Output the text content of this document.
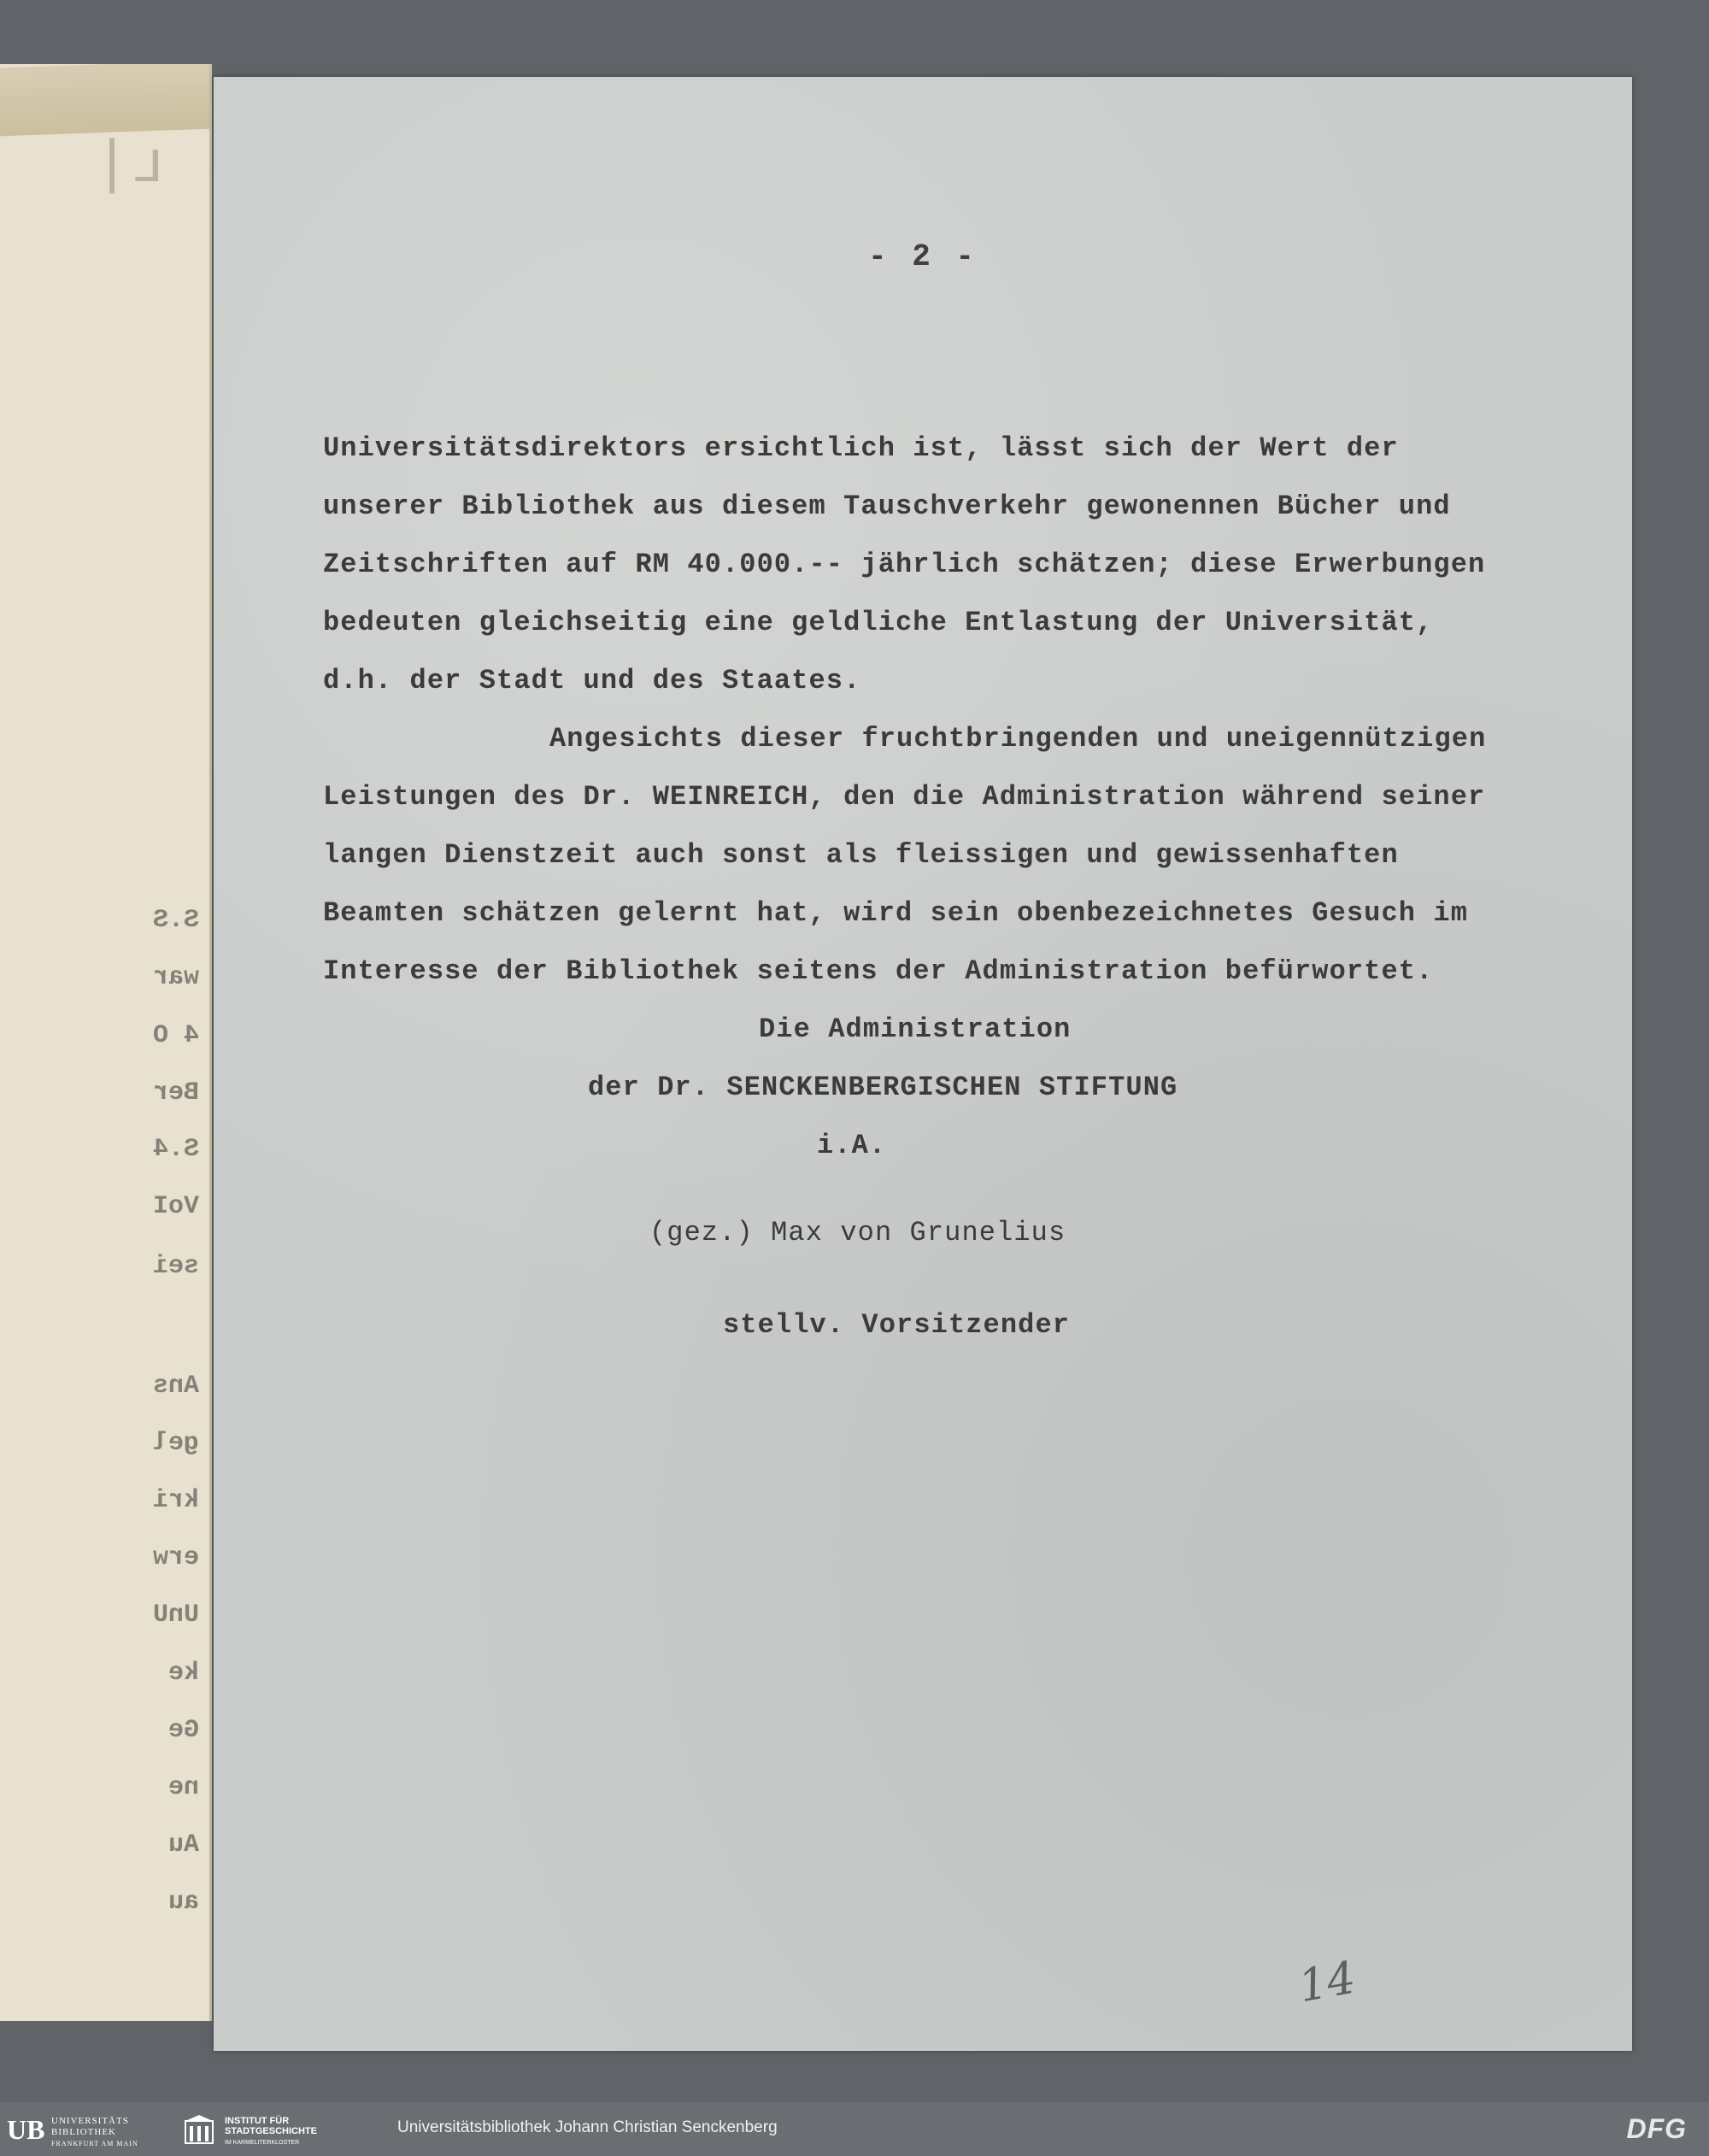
ʟ|
S.S
war
4 O
Ber
S.4
VoI
sei
Ans
gel
kri
erw
UnU
ke
Ge
ne
Au
au
- 2 -
Universitätsdirektors ersichtlich ist, lässt sich der Wert der
unserer Bibliothek aus diesem Tauschverkehr gewonennen Bücher und
Zeitschriften auf RM 40.000.-- jährlich schätzen; diese Erwerbungen
bedeuten gleichseitig eine geldliche Entlastung der Universität,
d.h. der Stadt und des Staates.
Angesichts dieser fruchtbringenden und uneigennützigen
Leistungen des Dr. WEINREICH, den die Administration während seiner
langen Dienstzeit auch sonst als fleissigen und gewissenhaften
Beamten schätzen gelernt hat, wird sein obenbezeichnetes Gesuch im
Interesse der Bibliothek seitens der Administration befürwortet.
Die Administration
der Dr. SENCKENBERGISCHEN STIFTUNG
i.A.
(gez.) Max von Grunelius
stellv. Vorsitzender
14
UB UNIVERSITÄTS
BIBLIOTHEK
FRANKFURT AM MAIN
INSTITUT FÜR
STADTGESCHICHTE
IM KARMELITERKLOSTER
Universitätsbibliothek Johann Christian Senckenberg	DFG
